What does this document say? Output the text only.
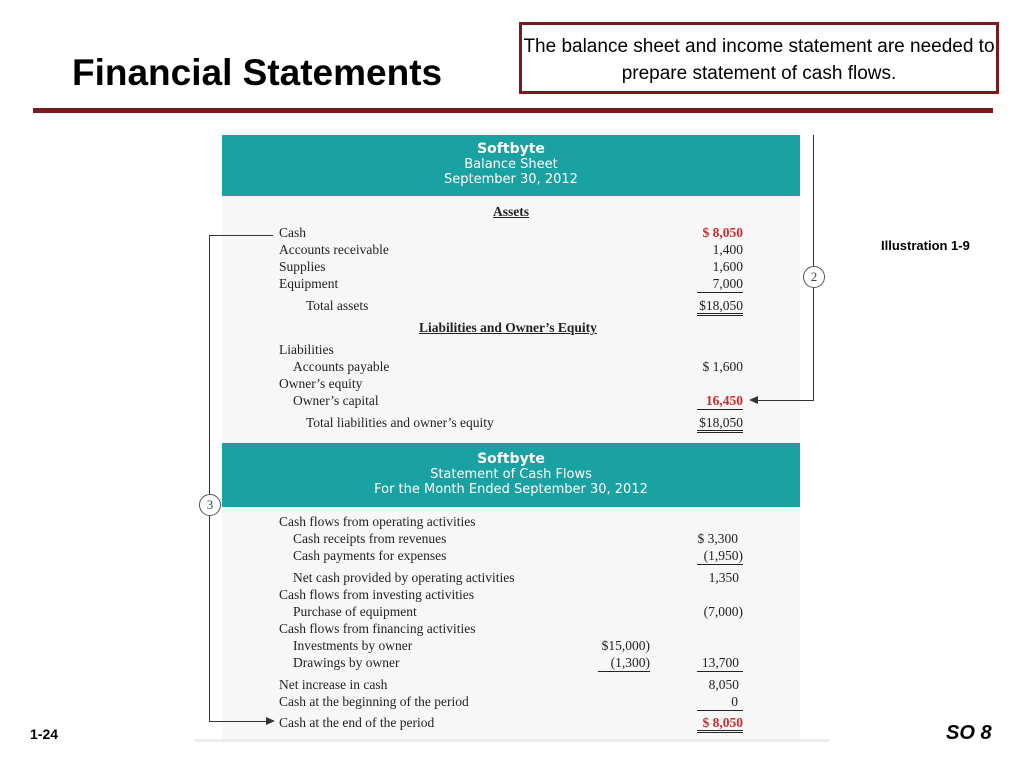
Financial Statements
The balance sheet and income statement are needed to prepare statement of cash flows.
Illustration 1-9
1-24	SO 8
Softbyte
Balance Sheet
September 30, 2012
Assets
Cash	$ 8,050
Accounts receivable	1,400
Supplies	1,600
Equipment	7,000
Total assets	$18,050
Liabilities and Owner’s Equity
Liabilities
Accounts payable	$ 1,600
Owner’s equity
Owner’s capital	16,450
Total liabilities and owner’s equity	$18,050
Softbyte
Statement of Cash Flows
For the Month Ended September 30, 2012
Cash flows from operating activities
Cash receipts from revenues	$ 3,300
Cash payments for expenses	(1,950)
Net cash provided by operating activities	1,350
Cash flows from investing activities
Purchase of equipment	(7,000)
Cash flows from financing activities
Investments by owner	$15,000)
Drawings by owner	(1,300)	13,700
Net increase in cash	8,050
Cash at the beginning of the period	0
Cash at the end of the period	$ 8,050
2
3
